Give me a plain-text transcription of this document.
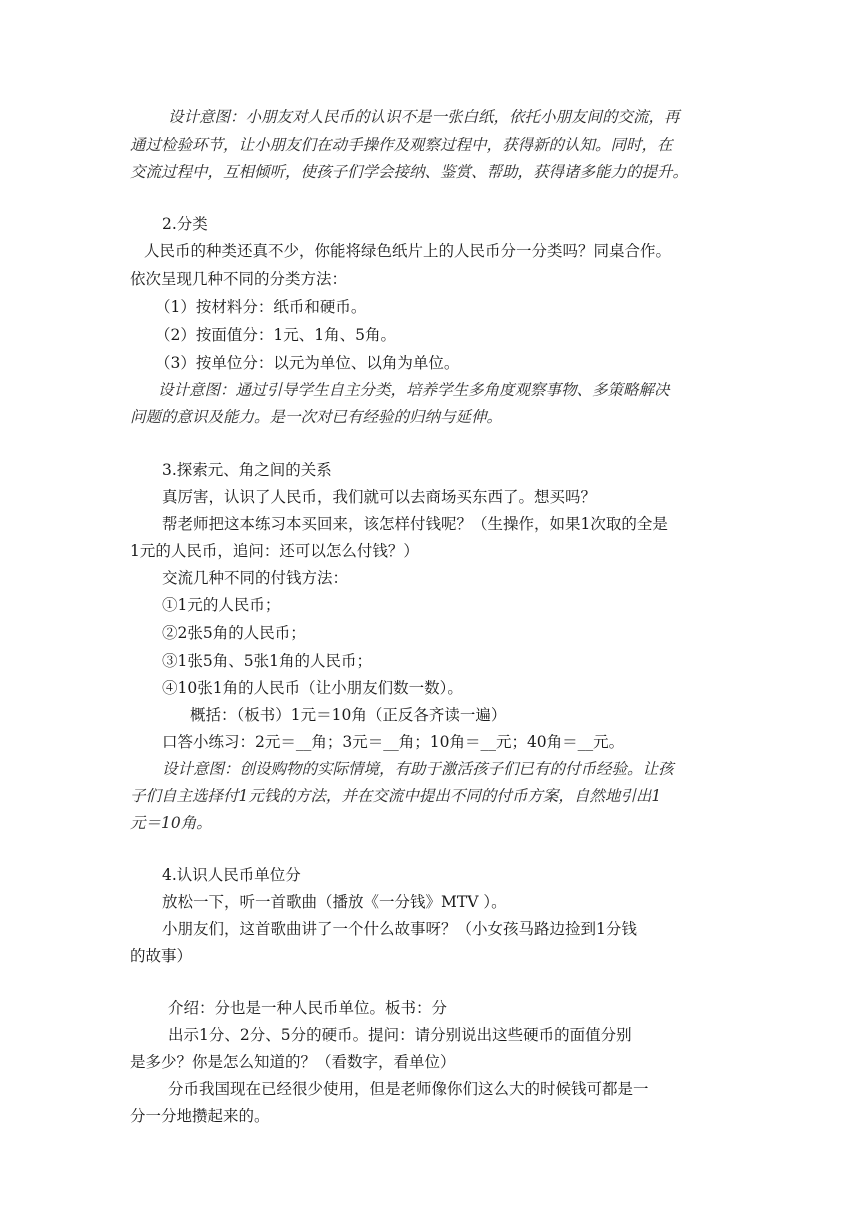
设计意图：小朋友对人民币的认识不是一张白纸，依托小朋友间的交流，再
通过检验环节，让小朋友们在动手操作及观察过程中，获得新的认知。同时，在
交流过程中，互相倾听，使孩子们学会接纳、鉴赏、帮助，获得诸多能力的提升。
2.分类
人民币的种类还真不少，你能将绿色纸片上的人民币分一分类吗？同桌合作。
依次呈现几种不同的分类方法：
（1）按材料分：纸币和硬币。
（2）按面值分：1元、1角、5角。
（3）按单位分：以元为单位、以角为单位。
设计意图：通过引导学生自主分类，培养学生多角度观察事物、多策略解决
问题的意识及能力。是一次对已有经验的归纳与延伸。
3.探索元、角之间的关系
真厉害，认识了人民币，我们就可以去商场买东西了。想买吗？
帮老师把这本练习本买回来，该怎样付钱呢？（生操作，如果1次取的全是
1元的人民币，追问：还可以怎么付钱？）
交流几种不同的付钱方法：
①1元的人民币；
②2张5角的人民币；
③1张5角、5张1角的人民币；
④10张1角的人民币（让小朋友们数一数）。
概括：（板书）1元＝10角（正反各齐读一遍）
口答小练习：2元＝__角；3元＝__角；10角＝__元；40角＝__元。
设计意图：创设购物的实际情境，有助于激活孩子们已有的付币经验。让孩
子们自主选择付1元钱的方法，并在交流中提出不同的付币方案，自然地引出1
元＝10角。
4.认识人民币单位分
放松一下，听一首歌曲（播放《一分钱》MTV ）。
小朋友们，这首歌曲讲了一个什么故事呀？（小女孩马路边捡到1分钱
的故事）
介绍：分也是一种人民币单位。板书：分
出示1分、2分、5分的硬币。提问：请分别说出这些硬币的面值分别
是多少？你是怎么知道的？（看数字，看单位）
分币我国现在已经很少使用，但是老师像你们这么大的时候钱可都是一
分一分地攒起来的。
